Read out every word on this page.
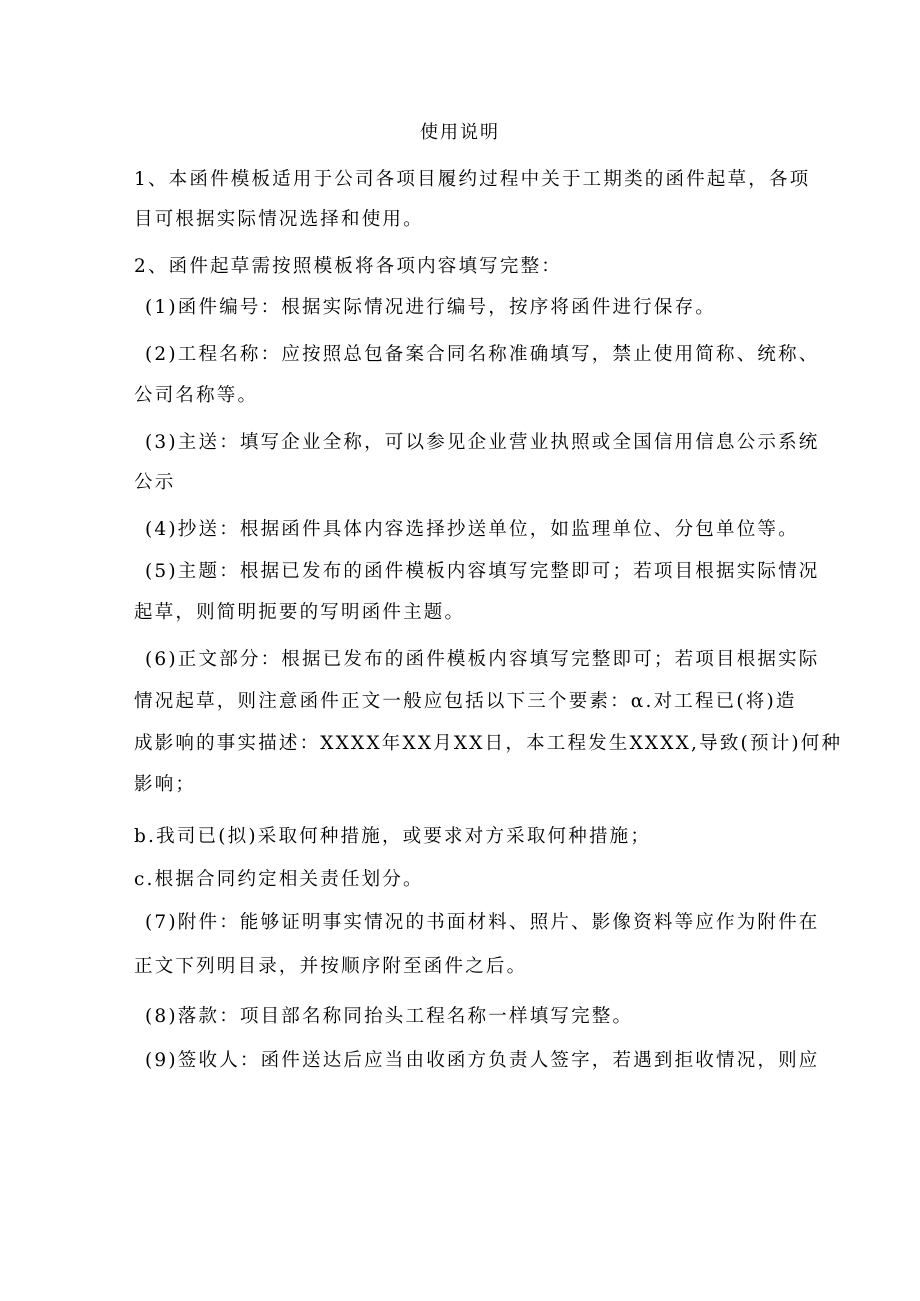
使用说明
1、本函件模板适用于公司各项目履约过程中关于工期类的函件起草，各项
目可根据实际情况选择和使用。
2、函件起草需按照模板将各项内容填写完整：
(1)函件编号：根据实际情况进行编号，按序将函件进行保存。
(2)工程名称：应按照总包备案合同名称准确填写，禁止使用简称、统称、
公司名称等。
(3)主送：填写企业全称，可以参见企业营业执照或全国信用信息公示系统
公示
(4)抄送：根据函件具体内容选择抄送单位，如监理单位、分包单位等。
(5)主题：根据已发布的函件模板内容填写完整即可；若项目根据实际情况
起草，则简明扼要的写明函件主题。
(6)正文部分：根据已发布的函件模板内容填写完整即可；若项目根据实际
情况起草，则注意函件正文一般应包括以下三个要素：α.对工程已(将)造
成影响的事实描述：XXXX年XX月XX日，本工程发生XXXX,导致(预计)何种
影响；
b.我司已(拟)采取何种措施，或要求对方采取何种措施；
c.根据合同约定相关责任划分。
(7)附件：能够证明事实情况的书面材料、照片、影像资料等应作为附件在
正文下列明目录，并按顺序附至函件之后。
(8)落款：项目部名称同抬头工程名称一样填写完整。
(9)签收人：函件送达后应当由收函方负责人签字，若遇到拒收情况，则应
